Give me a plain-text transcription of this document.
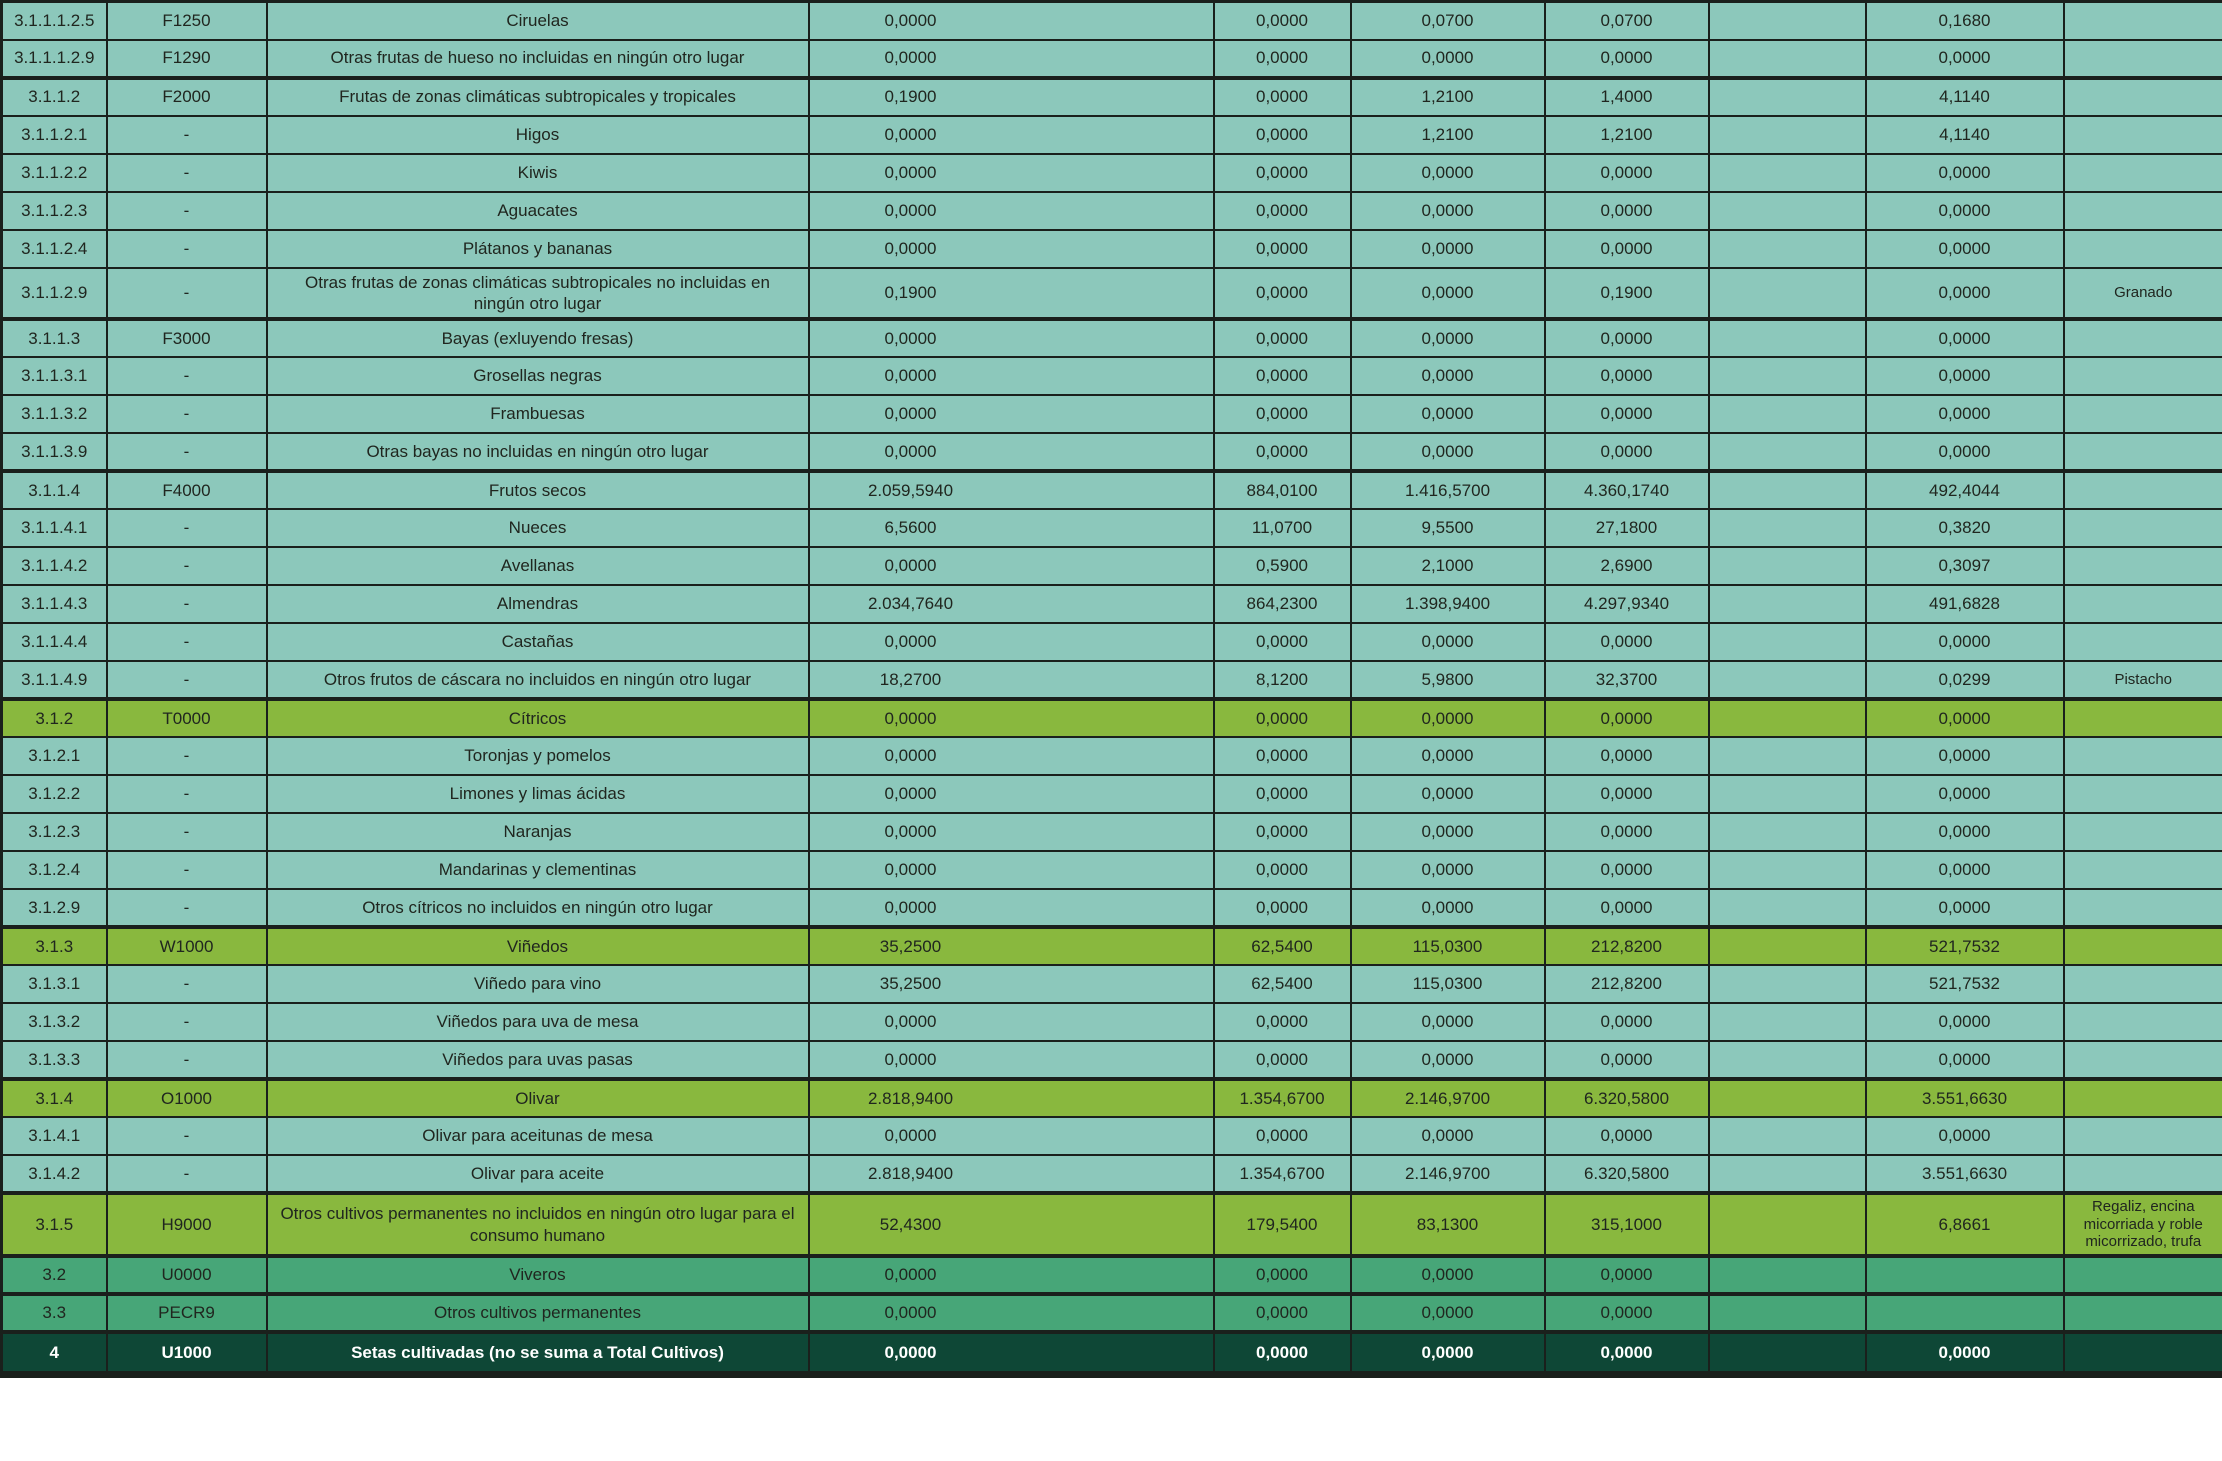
3.1.1.1.2.5	F1250	Ciruelas	0,0000		0,0000	0,0700	0,0700		0,1680	
3.1.1.1.2.9	F1290	Otras frutas de hueso no incluidas en ningún otro lugar	0,0000		0,0000	0,0000	0,0000		0,0000	
3.1.1.2	F2000	Frutas de zonas climáticas subtropicales y tropicales	0,1900		0,0000	1,2100	1,4000		4,1140	
3.1.1.2.1	-	Higos	0,0000		0,0000	1,2100	1,2100		4,1140	
3.1.1.2.2	-	Kiwis	0,0000		0,0000	0,0000	0,0000		0,0000	
3.1.1.2.3	-	Aguacates	0,0000		0,0000	0,0000	0,0000		0,0000	
3.1.1.2.4	-	Plátanos y bananas	0,0000		0,0000	0,0000	0,0000		0,0000	
3.1.1.2.9	-	Otras frutas de zonas climáticas subtropicales no incluidas en ningún otro lugar	0,1900		0,0000	0,0000	0,1900		0,0000	Granado
3.1.1.3	F3000	Bayas (exluyendo fresas)	0,0000		0,0000	0,0000	0,0000		0,0000	
3.1.1.3.1	-	Grosellas negras	0,0000		0,0000	0,0000	0,0000		0,0000	
3.1.1.3.2	-	Frambuesas	0,0000		0,0000	0,0000	0,0000		0,0000	
3.1.1.3.9	-	Otras bayas no incluidas en ningún otro lugar	0,0000		0,0000	0,0000	0,0000		0,0000	
3.1.1.4	F4000	Frutos secos	2.059,5940		884,0100	1.416,5700	4.360,1740		492,4044	
3.1.1.4.1	-	Nueces	6,5600		11,0700	9,5500	27,1800		0,3820	
3.1.1.4.2	-	Avellanas	0,0000		0,5900	2,1000	2,6900		0,3097	
3.1.1.4.3	-	Almendras	2.034,7640		864,2300	1.398,9400	4.297,9340		491,6828	
3.1.1.4.4	-	Castañas	0,0000		0,0000	0,0000	0,0000		0,0000	
3.1.1.4.9	-	Otros frutos de cáscara no incluidos en ningún otro lugar	18,2700		8,1200	5,9800	32,3700		0,0299	Pistacho
3.1.2	T0000	Cítricos	0,0000		0,0000	0,0000	0,0000		0,0000	
3.1.2.1	-	Toronjas y pomelos	0,0000		0,0000	0,0000	0,0000		0,0000	
3.1.2.2	-	Limones y limas ácidas	0,0000		0,0000	0,0000	0,0000		0,0000	
3.1.2.3	-	Naranjas	0,0000		0,0000	0,0000	0,0000		0,0000	
3.1.2.4	-	Mandarinas y clementinas	0,0000		0,0000	0,0000	0,0000		0,0000	
3.1.2.9	-	Otros cítricos no incluidos en ningún otro lugar	0,0000		0,0000	0,0000	0,0000		0,0000	
3.1.3	W1000	Viñedos	35,2500		62,5400	115,0300	212,8200		521,7532	
3.1.3.1	-	Viñedo para vino	35,2500		62,5400	115,0300	212,8200		521,7532	
3.1.3.2	-	Viñedos para uva de mesa	0,0000		0,0000	0,0000	0,0000		0,0000	
3.1.3.3	-	Viñedos para uvas pasas	0,0000		0,0000	0,0000	0,0000		0,0000	
3.1.4	O1000	Olivar	2.818,9400		1.354,6700	2.146,9700	6.320,5800		3.551,6630	
3.1.4.1	-	Olivar para aceitunas de mesa	0,0000		0,0000	0,0000	0,0000		0,0000	
3.1.4.2	-	Olivar para aceite	2.818,9400		1.354,6700	2.146,9700	6.320,5800		3.551,6630	
3.1.5	H9000	Otros cultivos permanentes no incluidos en ningún otro lugar para el consumo humano	52,4300		179,5400	83,1300	315,1000		6,8661	Regaliz, encina micorriada y roble micorrizado, trufa
3.2	U0000	Viveros	0,0000		0,0000	0,0000	0,0000			
3.3	PECR9	Otros cultivos permanentes	0,0000		0,0000	0,0000	0,0000			
4	U1000	Setas cultivadas (no se suma a Total Cultivos)	0,0000		0,0000	0,0000	0,0000		0,0000	
